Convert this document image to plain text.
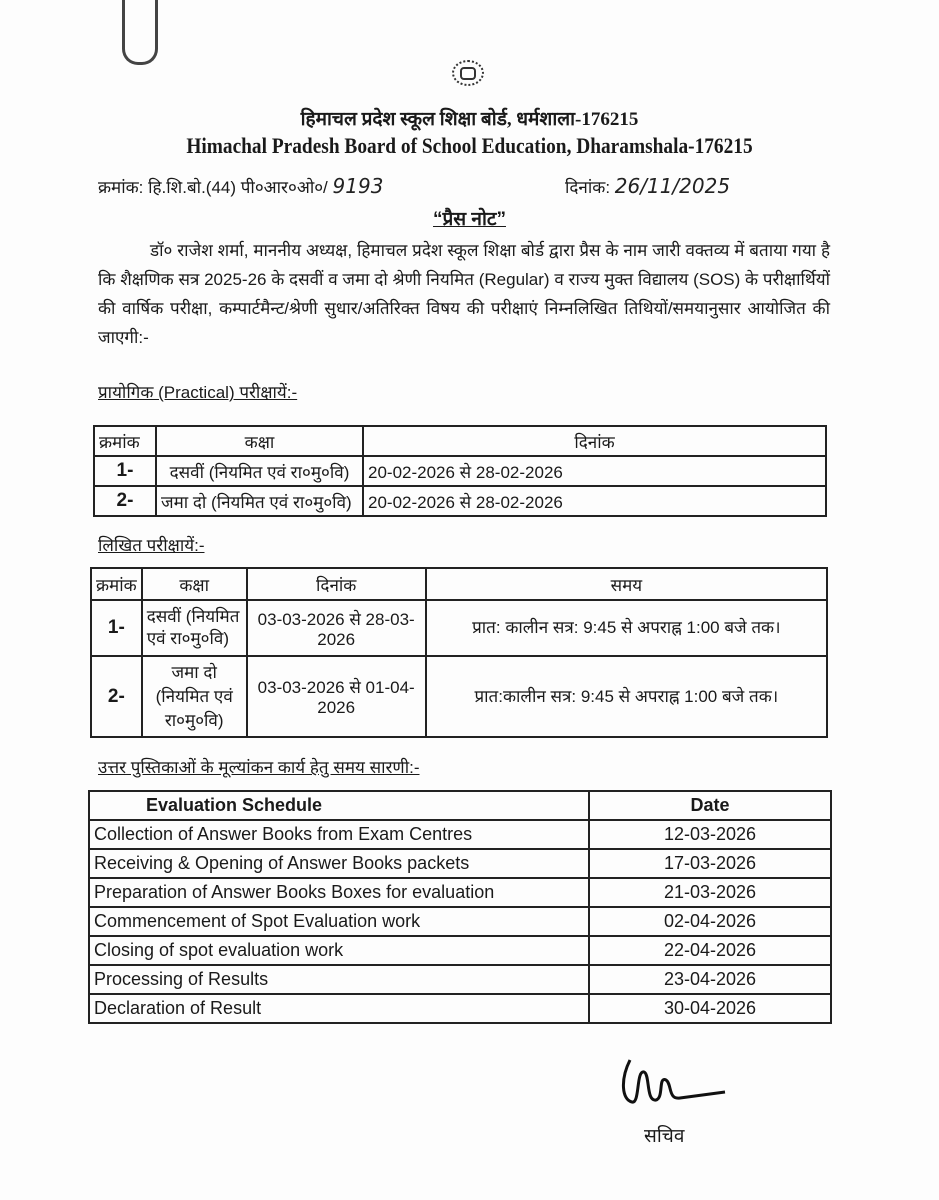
हिमाचल प्रदेश स्कूल शिक्षा बोर्ड, धर्मशाला-176215
Himachal Pradesh Board of School Education, Dharamshala-176215
क्रमांक: हि.शि.बो.(44) पी०आर०ओ०/ 9193	दिनांक: 26/11/2025
“प्रैस नोट”
डॉ० राजेश शर्मा, माननीय अध्यक्ष, हिमाचल प्रदेश स्कूल शिक्षा बोर्ड द्वारा प्रैस के नाम जारी वक्तव्य में बताया गया है कि शैक्षणिक सत्र 2025-26 के दसवीं व जमा दो श्रेणी नियमित (Regular) व राज्य मुक्त विद्यालय (SOS) के परीक्षार्थियों की वार्षिक परीक्षा, कम्पार्टमैन्ट/श्रेणी सुधार/अतिरिक्त विषय की परीक्षाएं निम्नलिखित तिथियों/समयानुसार आयोजित की जाएगी:-
प्रायोगिक (Practical) परीक्षायें:-
क्रमांक	कक्षा	दिनांक
1-	दसवीं (नियमित एवं रा०मु०वि)	20-02-2026 से 28-02-2026
2-	जमा दो (नियमित एवं रा०मु०वि)	20-02-2026 से 28-02-2026
लिखित परीक्षायें:-
क्रमांक	कक्षा	दिनांक	समय
1-	दसवीं (नियमित एवं रा०मु०वि)	03-03-2026 से 28-03-2026	प्रात: कालीन सत्र: 9:45 से अपराह्न 1:00 बजे तक।
2-	जमा दो (नियमित एवं रा०मु०वि)	03-03-2026 से 01-04-2026	प्रात:कालीन सत्र: 9:45 से अपराह्न 1:00 बजे तक।
उत्तर पुस्तिकाओं के मूल्यांकन कार्य हेतु समय सारणी:-
Evaluation Schedule	Date
Collection of Answer Books from Exam Centres	12-03-2026
Receiving & Opening of Answer Books packets	17-03-2026
Preparation of Answer Books Boxes for evaluation	21-03-2026
Commencement of Spot Evaluation work	02-04-2026
Closing of spot evaluation work	22-04-2026
Processing of Results	23-04-2026
Declaration of Result	30-04-2026
सचिव
